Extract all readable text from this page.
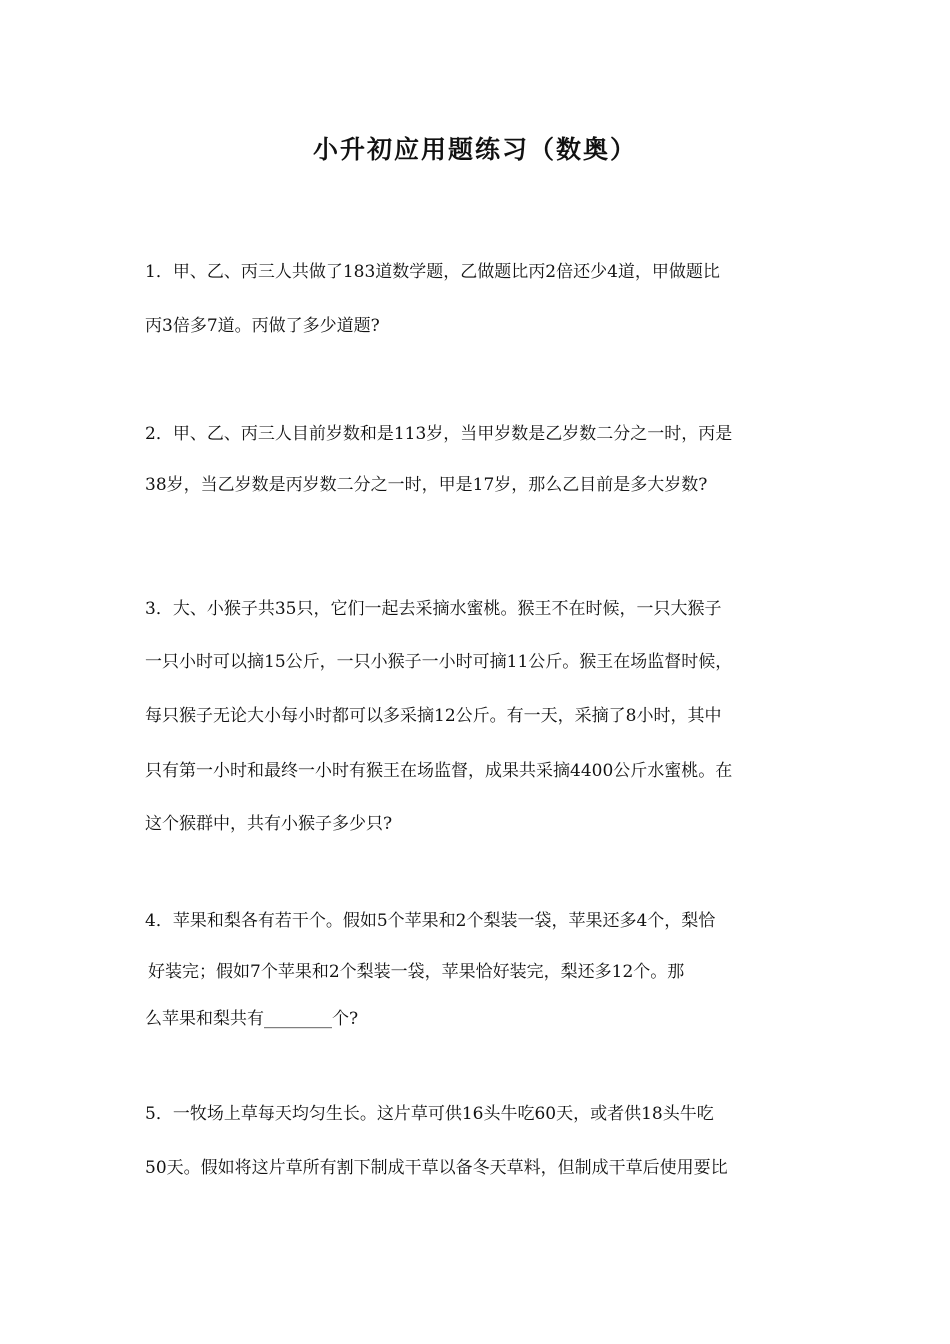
小升初应用题练习（数奥）
1．甲、乙、丙三人共做了183道数学题，乙做题比丙2倍还少4道，甲做题比
丙3倍多7道。丙做了多少道题?
2．甲、乙、丙三人目前岁数和是113岁，当甲岁数是乙岁数二分之一时，丙是
38岁，当乙岁数是丙岁数二分之一时，甲是17岁，那么乙目前是多大岁数?
3．大、小猴子共35只，它们一起去采摘水蜜桃。猴王不在时候，一只大猴子
一只小时可以摘15公斤，一只小猴子一小时可摘11公斤。猴王在场监督时候，
每只猴子无论大小每小时都可以多采摘12公斤。有一天，采摘了8小时，其中
只有第一小时和最终一小时有猴王在场监督，成果共采摘4400公斤水蜜桃。在
这个猴群中，共有小猴子多少只?
4．苹果和梨各有若干个。假如5个苹果和2个梨装一袋，苹果还多4个，梨恰
好装完；假如7个苹果和2个梨装一袋，苹果恰好装完，梨还多12个。那
么苹果和梨共有________个?
5．一牧场上草每天均匀生长。这片草可供16头牛吃60天，或者供18头牛吃
50天。假如将这片草所有割下制成干草以备冬天草料，但制成干草后使用要比
